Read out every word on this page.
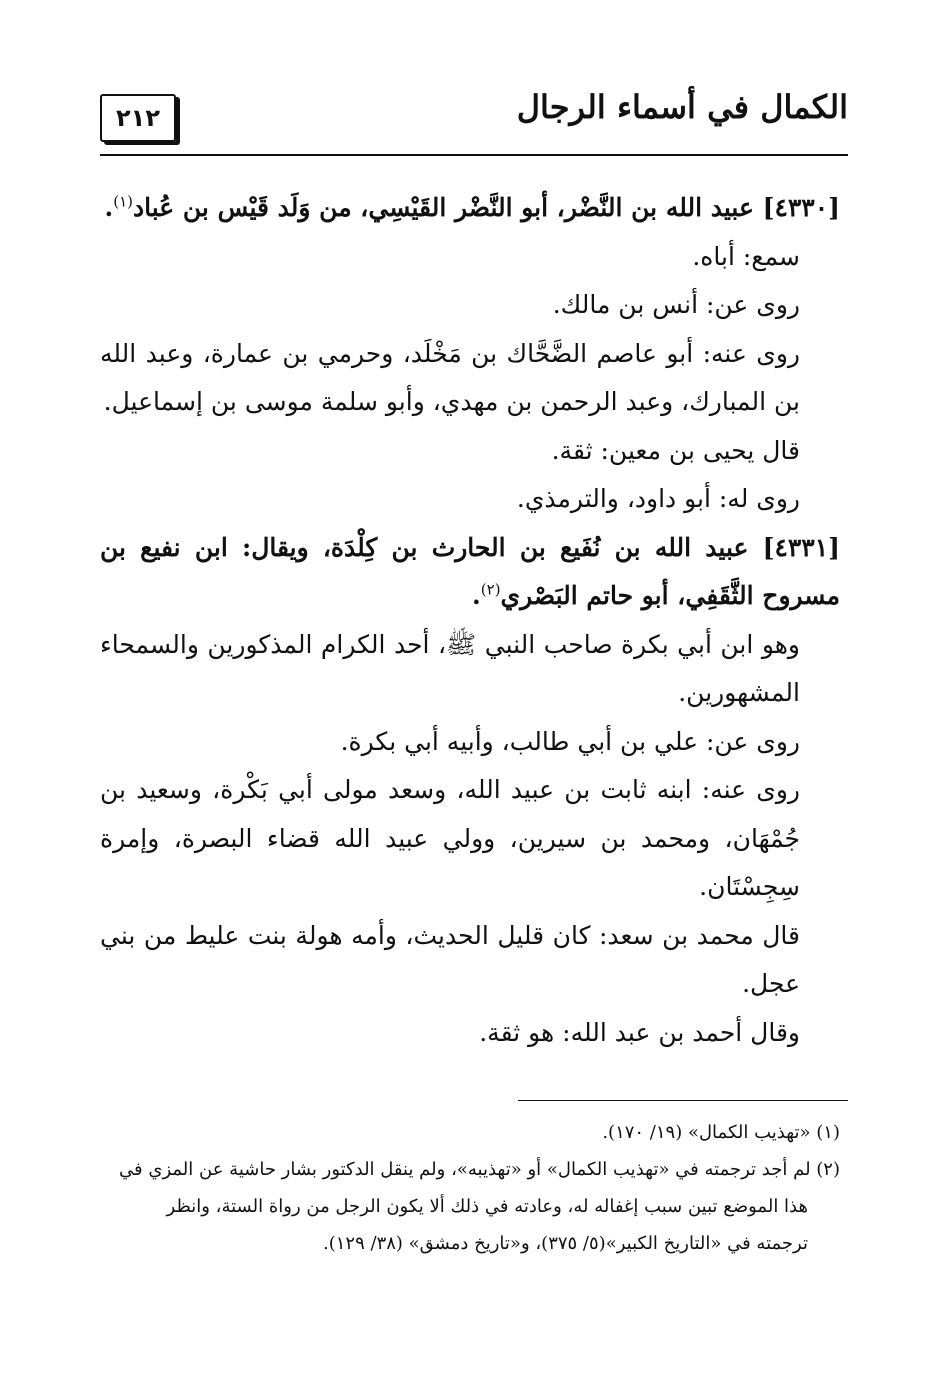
٢١٢	الكمال في أسماء الرجال

[٤٣٣٠] عبيد الله بن النَّضْر، أبو النَّضْر القَيْسِي، من وَلَد قَيْس بن عُباد$^{(١)}$.

سمع: أباه.

روى عن: أنس بن مالك.

روى عنه: أبو عاصم الضَّحَّاك بن مَخْلَد، وحرمي بن عمارة، وعبد الله بن المبارك، وعبد الرحمن بن مهدي، وأبو سلمة موسى بن إسماعيل.

قال يحيى بن معين: ثقة.

روى له: أبو داود، والترمذي.

[٤٣٣١] عبيد الله بن نُفَيع بن الحارث بن كِلْدَة، ويقال: ابن نفيع بن مسروح الثَّقَفِي، أبو حاتم البَصْري$^{(٢)}$.

وهو ابن أبي بكرة صاحب النبي ﷺ، أحد الكرام المذكورين والسمحاء المشهورين.

روى عن: علي بن أبي طالب، وأبيه أبي بكرة.

روى عنه: ابنه ثابت بن عبيد الله، وسعد مولى أبي بَكْرة، وسعيد بن جُمْهَان، ومحمد بن سيرين، وولي عبيد الله قضاء البصرة، وإمرة سِجِسْتَان.

قال محمد بن سعد: كان قليل الحديث، وأمه هولة بنت عليط من بني عجل.

وقال أحمد بن عبد الله: هو ثقة.

(١) «تهذيب الكمال» (١٩/ ١٧٠).

(٢) لم أجد ترجمته في «تهذيب الكمال» أو «تهذيبه»، ولم ينقل الدكتور بشار حاشية عن المزي في

هذا الموضع تبين سبب إغفاله له، وعادته في ذلك ألا يكون الرجل من رواة الستة، وانظر

ترجمته في «التاريخ الكبير»(٥/ ٣٧٥)، و«تاريخ دمشق» (٣٨/ ١٢٩).
